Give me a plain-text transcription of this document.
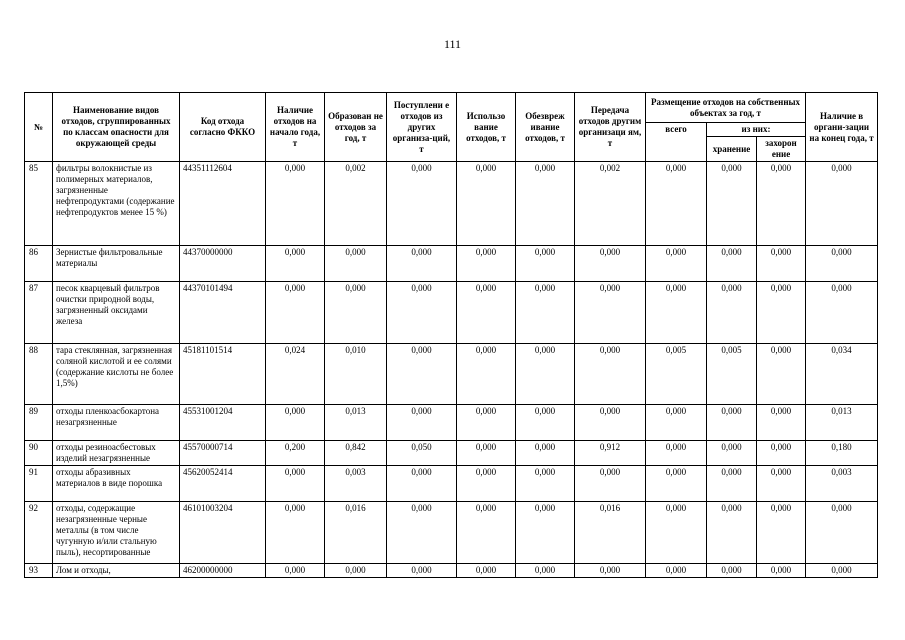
111
№	Наименование видов отходов, сгруппированных по классам опасности для окружающей среды	Код отхода согласно ФККО	Наличие отходов на начало года, т	Образован не отходов за год, т	Поступлени е отходов из других организа-ций, т	Использо вание отходов, т	Обезвреж ивание отходов, т	Передача отходов другим организаци ям, т	Размещение отходов на собственных объектах за год, т			Наличие в органи-зации на конец года, т
									всего	из них:		
										хранение	захорон ение	
85	фильтры волокнистые из полимерных материалов, загрязненные нефтепродуктами (содержание нефтепродуктов менее 15 %)	44351112604	0,000	0,002	0,000	0,000	0,000	0,002	0,000	0,000	0,000	0,000
86	Зернистые фильтровальные материалы	44370000000	0,000	0,000	0,000	0,000	0,000	0,000	0,000	0,000	0,000	0,000
87	песок кварцевый фильтров очистки природной воды, загрязненный оксидами железа	44370101494	0,000	0,000	0,000	0,000	0,000	0,000	0,000	0,000	0,000	0,000
88	тара стеклянная, загрязненная соляной кислотой и ее солями (содержание кислоты не более 1,5%)	45181101514	0,024	0,010	0,000	0,000	0,000	0,000	0,005	0,005	0,000	0,034
89	отходы пленкоасбокартона незагрязненные	45531001204	0,000	0,013	0,000	0,000	0,000	0,000	0,000	0,000	0,000	0,013
90	отходы резиноасбестовых изделий незагрязненные	45570000714	0,200	0,842	0,050	0,000	0,000	0,912	0,000	0,000	0,000	0,180
91	отходы абразивных материалов в виде порошка	45620052414	0,000	0,003	0,000	0,000	0,000	0,000	0,000	0,000	0,000	0,003
92	отходы, содержащие незагрязненные черные металлы (в том числе чугунную и/или стальную пыль), несортированные	46101003204	0,000	0,016	0,000	0,000	0,000	0,016	0,000	0,000	0,000	0,000
93	Лом и отходы,	46200000000	0,000	0,000	0,000	0,000	0,000	0,000	0,000	0,000	0,000	0,000
